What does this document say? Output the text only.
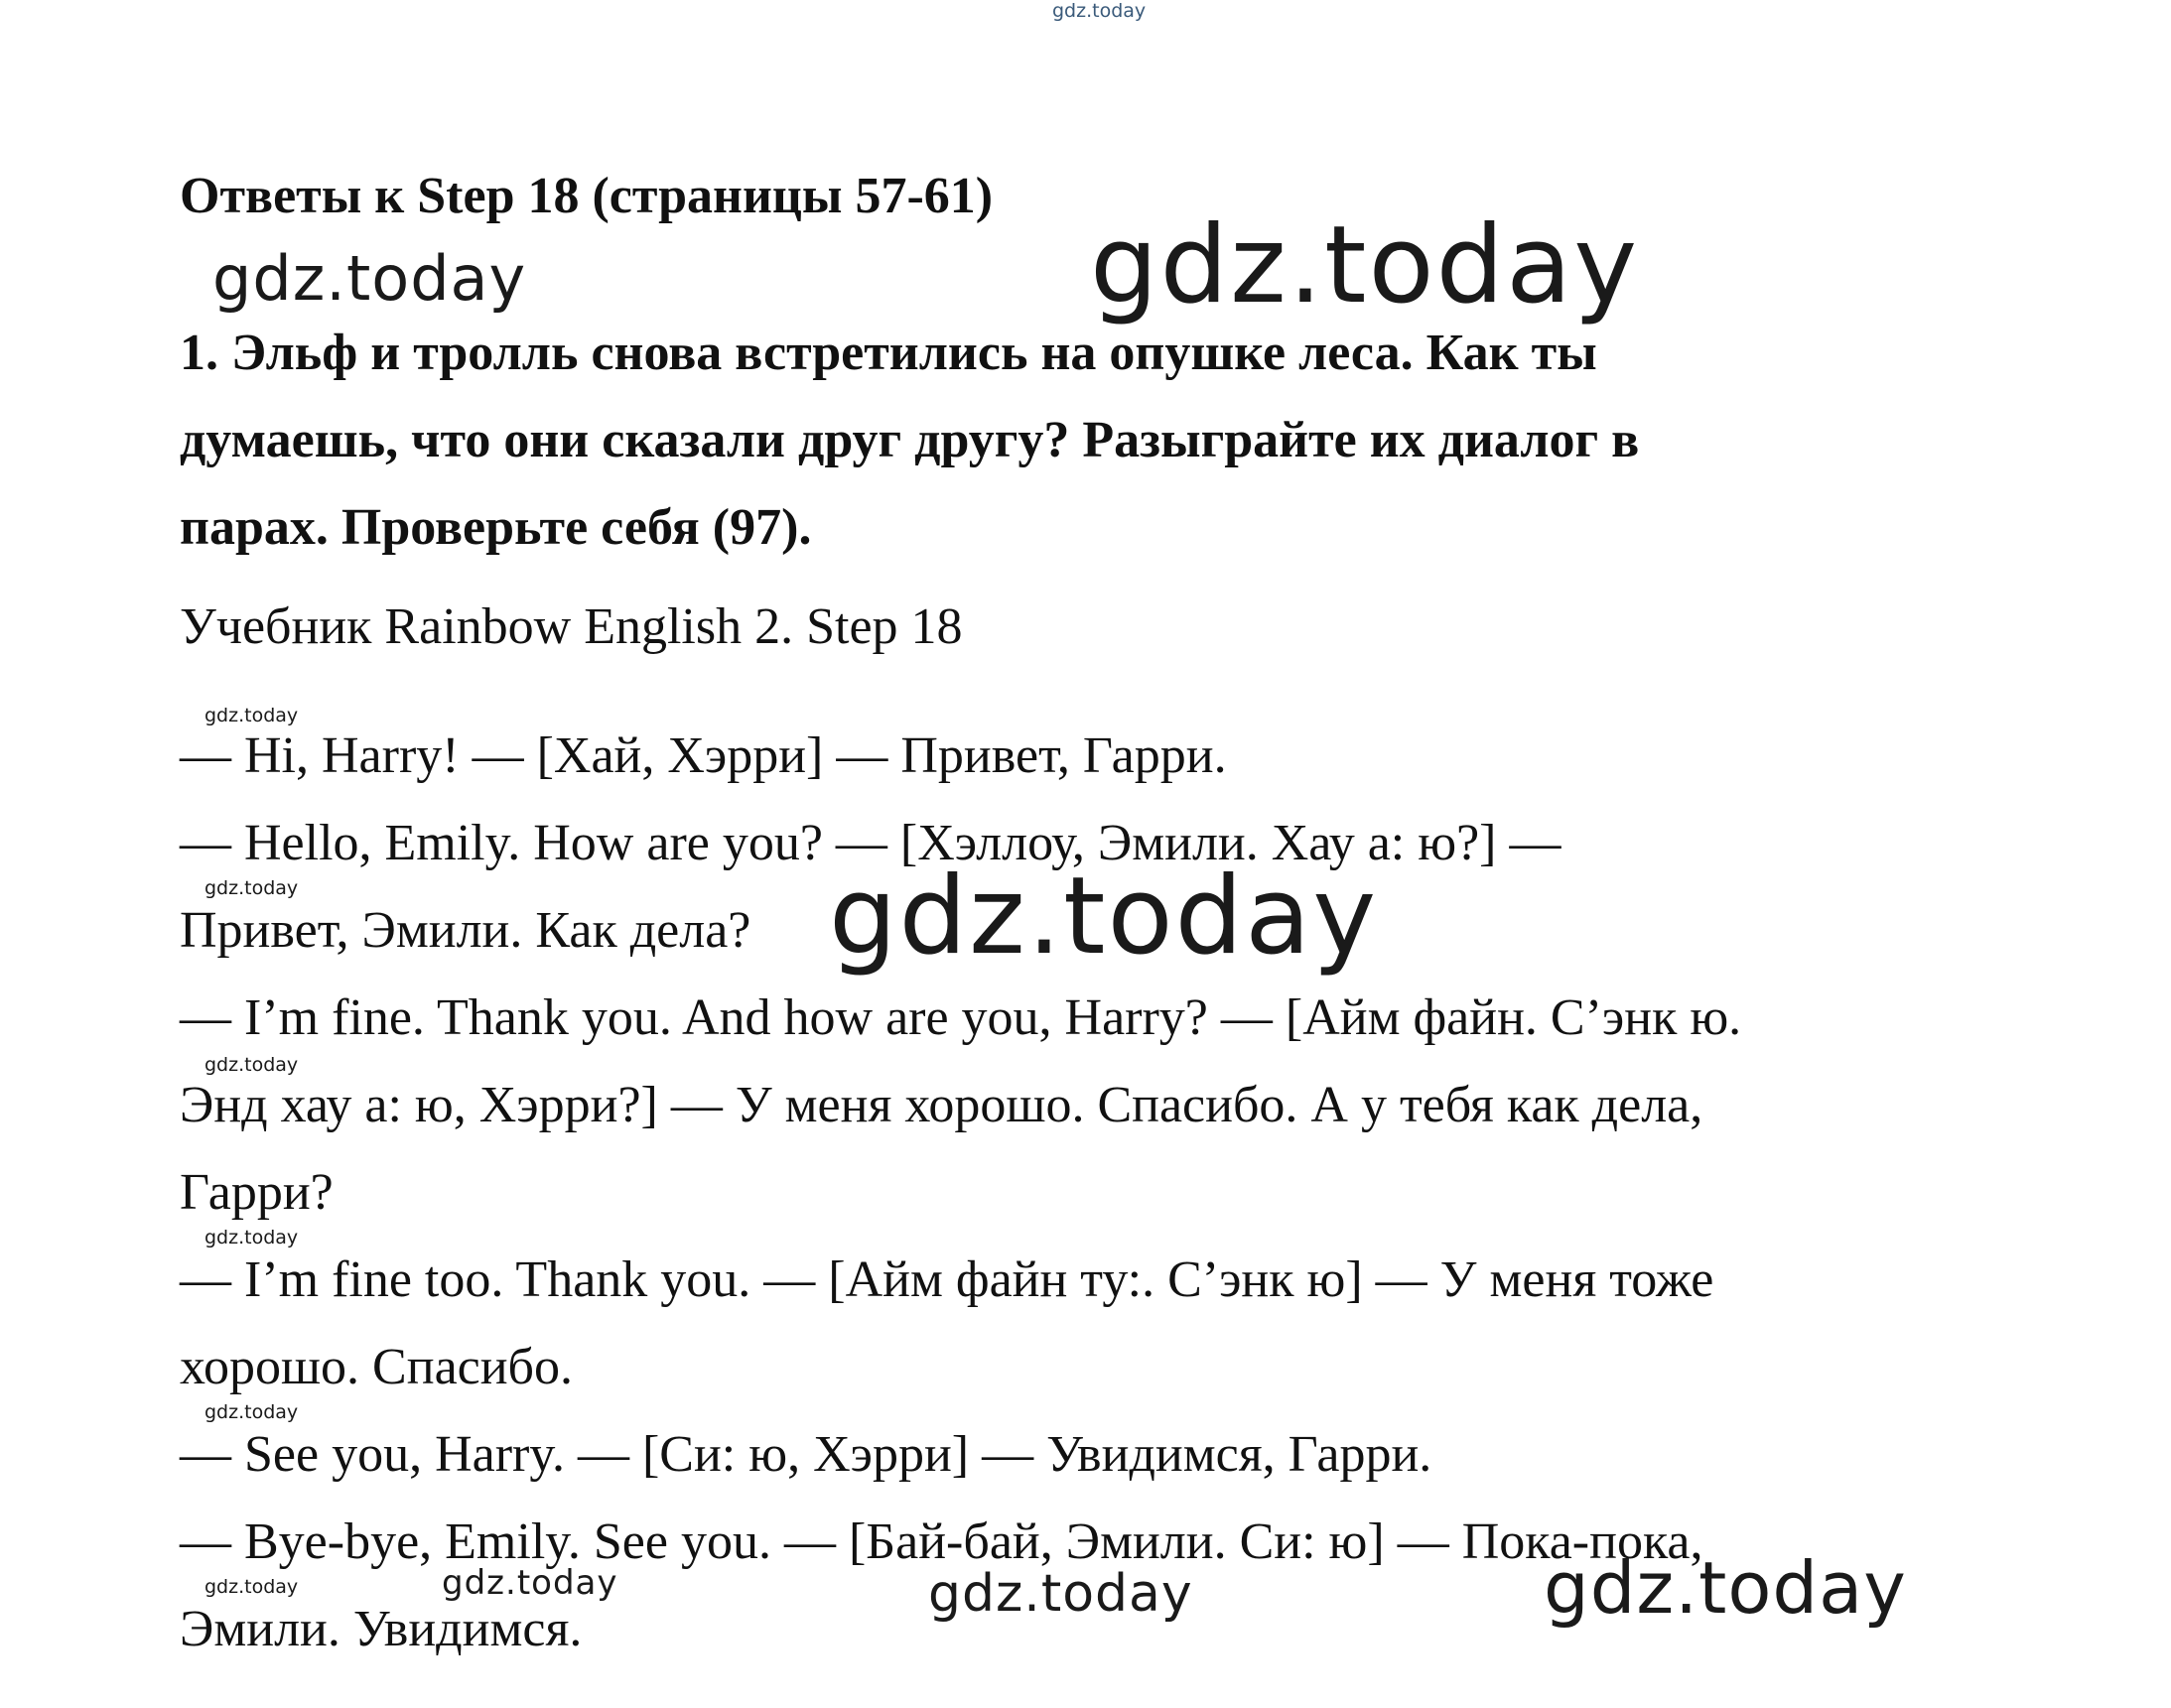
gdz.today
gdz.today	gdz.today
gdz.today
gdz.today
gdz.today
gdz.today
gdz.today
gdz.today
gdz.today
Ответы к Step 18 (страницы 57-61)
1. Эльф и тролль снова встретились на опушке леса. Как ты
думаешь, что они сказали друг другу? Разыграйте их диалог в
парах. Проверьте себя (97).
Учебник Rainbow English 2. Step 18
— Hi, Harry! — [Хай, Хэрри] — Привет, Гарри.
— Hello, Emily. How are you? — [Хэллоу, Эмили. Хау а: ю?] —
Привет, Эмили. Как дела?
— I’m fine. Thank you. And how are you, Harry? — [Айм файн. С’энк ю.
Энд хау а: ю, Хэрри?] — У меня хорошо. Спасибо. А у тебя как дела,
Гарри?
— I’m fine too. Thank you. — [Айм файн ту:. С’энк ю] — У меня тоже
хорошо. Спасибо.
— See you, Harry. — [Си: ю, Хэрри] — Увидимся, Гарри.
— Bye-bye, Emily. See you. — [Бай-бай, Эмили. Си: ю] — Пока-пока,
Эмили. Увидимся.
gdz.today	gdz.today	gdz.today
